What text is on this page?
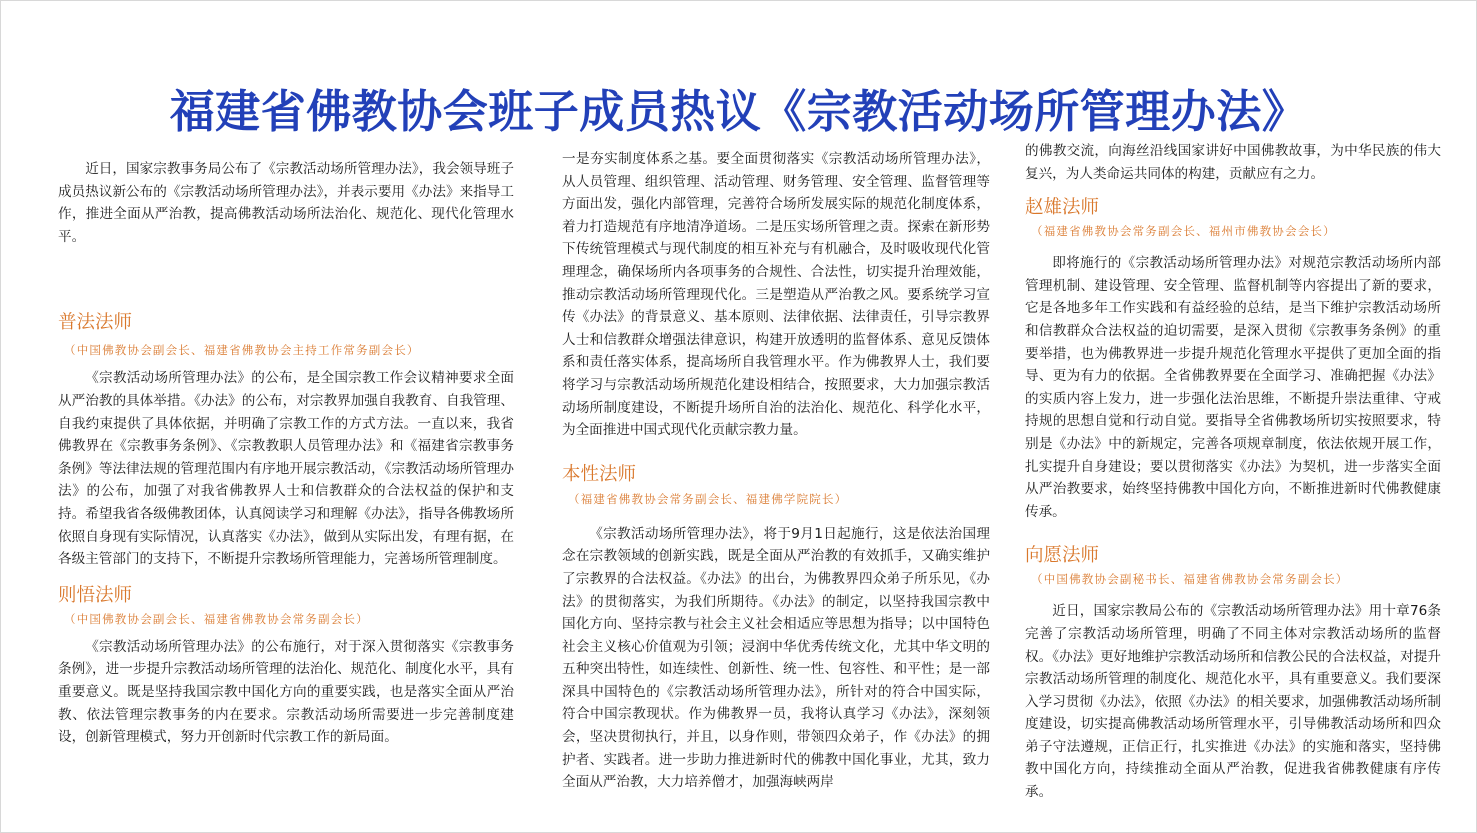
福建省佛教协会班子成员热议《宗教活动场所管理办法》

近日，国家宗教事务局公布了《宗教活动场所管理办法》，我会领导班子成员热议新公布的《宗教活动场所管理办法》，并表示要用《办法》来指导工作，推进全面从严治教，提高佛教活动场所法治化、规范化、现代化管理水平。

普法法师
（中国佛教协会副会长、福建省佛教协会主持工作常务副会长）

《宗教活动场所管理办法》的公布，是全国宗教工作会议精神要求全面从严治教的具体举措。《办法》的公布，对宗教界加强自我教育、自我管理、自我约束提供了具体依据，并明确了宗教工作的方式方法。一直以来，我省佛教界在《宗教事务条例》、《宗教教职人员管理办法》和《福建省宗教事务条例》等法律法规的管理范围内有序地开展宗教活动，《宗教活动场所管理办法》的公布，加强了对我省佛教界人士和信教群众的合法权益的保护和支持。希望我省各级佛教团体，认真阅读学习和理解《办法》，指导各佛教场所依照自身现有实际情况，认真落实《办法》，做到从实际出发，有理有据，在各级主管部门的支持下，不断提升宗教场所管理能力，完善场所管理制度。

则悟法师
（中国佛教协会副会长、福建省佛教协会常务副会长）

《宗教活动场所管理办法》的公布施行，对于深入贯彻落实《宗教事务条例》，进一步提升宗教活动场所管理的法治化、规范化、制度化水平，具有重要意义。既是坚持我国宗教中国化方向的重要实践，也是落实全面从严治教、依法管理宗教事务的内在要求。宗教活动场所需要进一步完善制度建设，创新管理模式，努力开创新时代宗教工作的新局面。

一是夯实制度体系之基。要全面贯彻落实《宗教活动场所管理办法》，从人员管理、组织管理、活动管理、财务管理、安全管理、监督管理等方面出发，强化内部管理，完善符合场所发展实际的规范化制度体系，着力打造规范有序地清净道场。二是压实场所管理之责。探索在新形势下传统管理模式与现代制度的相互补充与有机融合，及时吸收现代化管理理念，确保场所内各项事务的合规性、合法性，切实提升治理效能，推动宗教活动场所管理现代化。三是塑造从严治教之风。要系统学习宣传《办法》的背景意义、基本原则、法律依据、法律责任，引导宗教界人士和信教群众增强法律意识，构建开放透明的监督体系、意见反馈体系和责任落实体系，提高场所自我管理水平。作为佛教界人士，我们要将学习与宗教活动场所规范化建设相结合，按照要求，大力加强宗教活动场所制度建设，不断提升场所自治的法治化、规范化、科学化水平，为全面推进中国式现代化贡献宗教力量。

本性法师
（福建省佛教协会常务副会长、福建佛学院院长）

《宗教活动场所管理办法》，将于9月1日起施行，这是依法治国理念在宗教领域的创新实践，既是全面从严治教的有效抓手，又确实维护了宗教界的合法权益。《办法》的出台，为佛教界四众弟子所乐见，《办法》的贯彻落实，为我们所期待。《办法》的制定，以坚持我国宗教中国化方向、坚持宗教与社会主义社会相适应等思想为指导；以中国特色社会主义核心价值观为引领；浸润中华优秀传统文化，尤其中华文明的五种突出特性，如连续性、创新性、统一性、包容性、和平性；是一部深具中国特色的《宗教活动场所管理办法》，所针对的符合中国实际，符合中国宗教现状。作为佛教界一员，我将认真学习《办法》，深刻领会，坚决贯彻执行，并且，以身作则，带领四众弟子，作《办法》的拥护者、实践者。进一步助力推进新时代的佛教中国化事业，尤其，致力全面从严治教，大力培养僧才，加强海峡两岸

的佛教交流，向海丝沿线国家讲好中国佛教故事，为中华民族的伟大复兴，为人类命运共同体的构建，贡献应有之力。

赵雄法师
（福建省佛教协会常务副会长、福州市佛教协会会长）

即将施行的《宗教活动场所管理办法》对规范宗教活动场所内部管理机制、建设管理、安全管理、监督机制等内容提出了新的要求，它是各地多年工作实践和有益经验的总结，是当下维护宗教活动场所和信教群众合法权益的迫切需要，是深入贯彻《宗教事务条例》的重要举措，也为佛教界进一步提升规范化管理水平提供了更加全面的指导、更为有力的依据。全省佛教界要在全面学习、准确把握《办法》的实质内容上发力，进一步强化法治思维，不断提升崇法重律、守戒持规的思想自觉和行动自觉。要指导全省佛教场所切实按照要求，特别是《办法》中的新规定，完善各项规章制度，依法依规开展工作，扎实提升自身建设；要以贯彻落实《办法》为契机，进一步落实全面从严治教要求，始终坚持佛教中国化方向，不断推进新时代佛教健康传承。

向愿法师
（中国佛教协会副秘书长、福建省佛教协会常务副会长）

近日，国家宗教局公布的《宗教活动场所管理办法》用十章76条完善了宗教活动场所管理，明确了不同主体对宗教活动场所的监督权。《办法》更好地维护宗教活动场所和信教公民的合法权益，对提升宗教活动场所管理的制度化、规范化水平，具有重要意义。我们要深入学习贯彻《办法》，依照《办法》的相关要求，加强佛教活动场所制度建设，切实提高佛教活动场所管理水平，引导佛教活动场所和四众弟子守法遵规，正信正行，扎实推进《办法》的实施和落实，坚持佛教中国化方向，持续推动全面从严治教，促进我省佛教健康有序传承。
